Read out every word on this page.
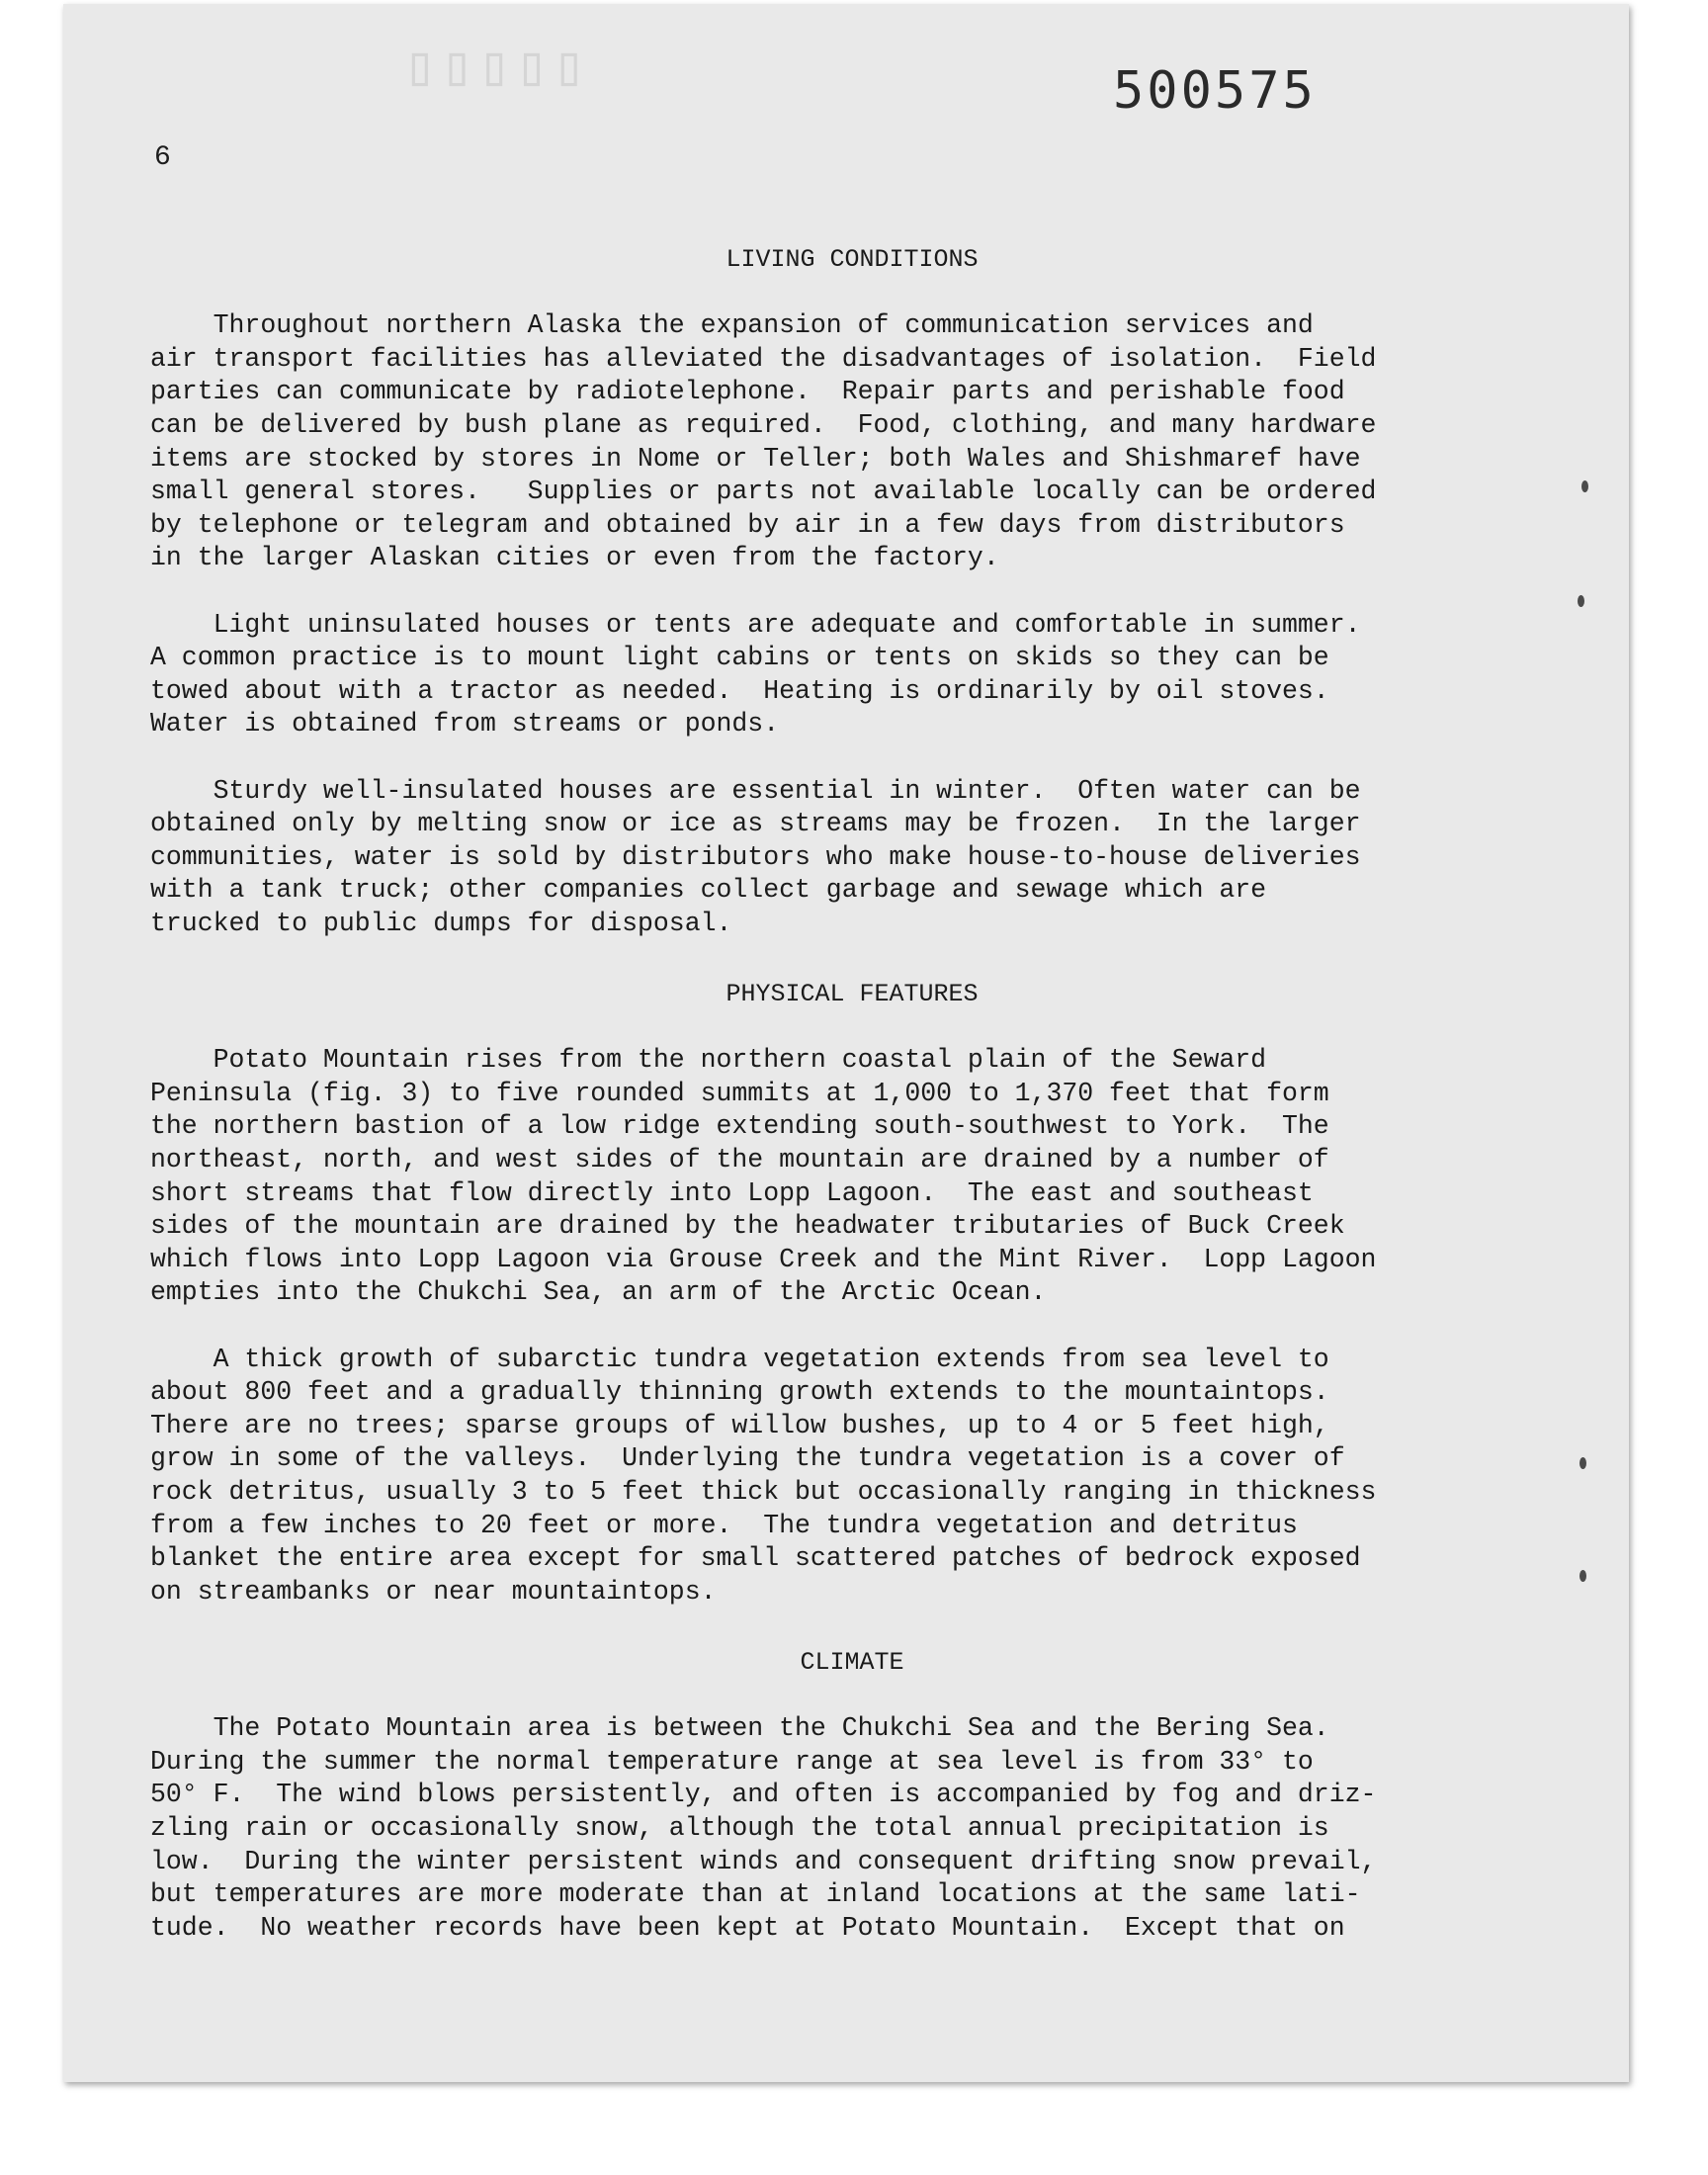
▯▯▯▯▯	500575
6
LIVING CONDITIONS
Throughout northern Alaska the expansion of communication services and
air transport facilities has alleviated the disadvantages of isolation.  Field
parties can communicate by radiotelephone.  Repair parts and perishable food
can be delivered by bush plane as required.  Food, clothing, and many hardware
items are stocked by stores in Nome or Teller; both Wales and Shishmaref have
small general stores.   Supplies or parts not available locally can be ordered
by telephone or telegram and obtained by air in a few days from distributors
in the larger Alaskan cities or even from the factory.
Light uninsulated houses or tents are adequate and comfortable in summer.
A common practice is to mount light cabins or tents on skids so they can be
towed about with a tractor as needed.  Heating is ordinarily by oil stoves.
Water is obtained from streams or ponds.
Sturdy well-insulated houses are essential in winter.  Often water can be
obtained only by melting snow or ice as streams may be frozen.  In the larger
communities, water is sold by distributors who make house-to-house deliveries
with a tank truck; other companies collect garbage and sewage which are
trucked to public dumps for disposal.
PHYSICAL FEATURES
Potato Mountain rises from the northern coastal plain of the Seward
Peninsula (fig. 3) to five rounded summits at 1,000 to 1,370 feet that form
the northern bastion of a low ridge extending south-southwest to York.  The
northeast, north, and west sides of the mountain are drained by a number of
short streams that flow directly into Lopp Lagoon.  The east and southeast
sides of the mountain are drained by the headwater tributaries of Buck Creek
which flows into Lopp Lagoon via Grouse Creek and the Mint River.  Lopp Lagoon
empties into the Chukchi Sea, an arm of the Arctic Ocean.
A thick growth of subarctic tundra vegetation extends from sea level to
about 800 feet and a gradually thinning growth extends to the mountaintops.
There are no trees; sparse groups of willow bushes, up to 4 or 5 feet high,
grow in some of the valleys.  Underlying the tundra vegetation is a cover of
rock detritus, usually 3 to 5 feet thick but occasionally ranging in thickness
from a few inches to 20 feet or more.  The tundra vegetation and detritus
blanket the entire area except for small scattered patches of bedrock exposed
on streambanks or near mountaintops.
CLIMATE
The Potato Mountain area is between the Chukchi Sea and the Bering Sea.
During the summer the normal temperature range at sea level is from 33° to
50° F.  The wind blows persistently, and often is accompanied by fog and driz-
zling rain or occasionally snow, although the total annual precipitation is
low.  During the winter persistent winds and consequent drifting snow prevail,
but temperatures are more moderate than at inland locations at the same lati-
tude.  No weather records have been kept at Potato Mountain.  Except that on
